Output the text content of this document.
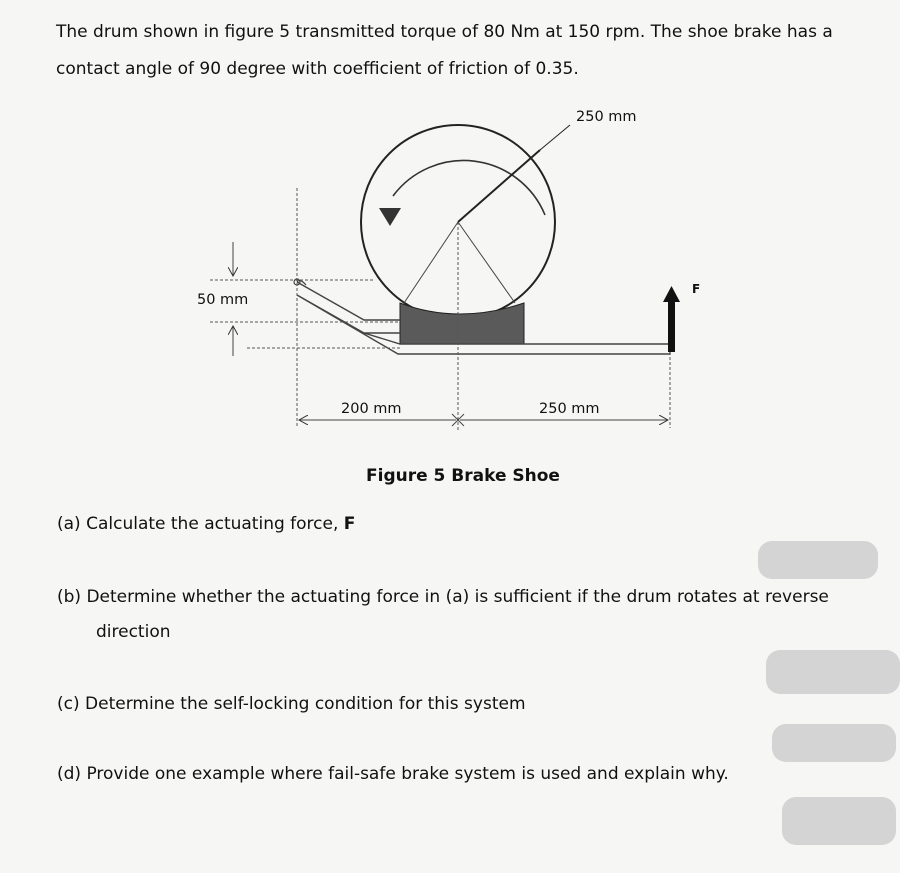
The drum shown in figure 5 transmitted torque of 80 Nm at 150 rpm. The shoe brake has a
contact angle of 90 degree with coefficient of friction of 0.35.
250 mm
50 mm
F
200 mm	250 mm
Figure 5 Brake Shoe
(a) Calculate the actuating force, F
(b) Determine whether the actuating force in (a) is sufficient if the drum rotates at reverse
direction
(c) Determine the self-locking condition for this system
(d) Provide one example where fail-safe brake system is used and explain why.
